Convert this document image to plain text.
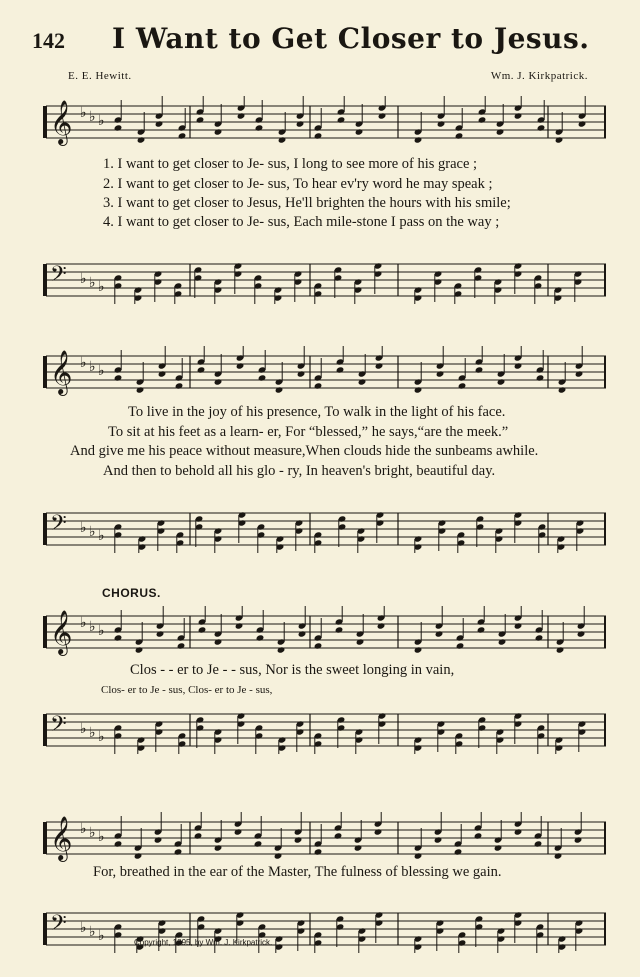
142 I Want to Get Closer to Jesus.
E. E. Hewitt.	Wm. J. Kirkpatrick.
𝄞 ♭ ♭ ♭
1. I want to get closer to Je- sus, I long to see more of his grace ;
2. I want to get closer to Je- sus, To hear ev'ry word he may speak ;
3. I want to get closer to Jesus, He'll brighten the hours with his smile;
4. I want to get closer to Je- sus, Each mile-stone I pass on the way ;
𝄢 ♭ ♭ ♭
𝄞 ♭ ♭ ♭
To live in the joy of his presence, To walk in the light of his face.
To sit at his feet as a learn- er, For “blessed,” he says,“are the meek.”
And give me his peace without measure,When clouds hide the sunbeams awhile.
And then to behold all his glo - ry, In heaven's bright, beautiful day.
𝄢 ♭ ♭ ♭
CHORUS.
𝄞 ♭ ♭ ♭
Clos - - er to Je - - sus, Nor is the sweet longing in vain,
Clos- er to Je - sus, Clos- er to Je - sus,
𝄢 ♭ ♭ ♭
𝄞 ♭ ♭ ♭
For, breathed in the ear of the Master, The fulness of blessing we gain.
𝄢 ♭ ♭ ♭	Copyright, 1895, by Wm. J. Kirkpatrick.
